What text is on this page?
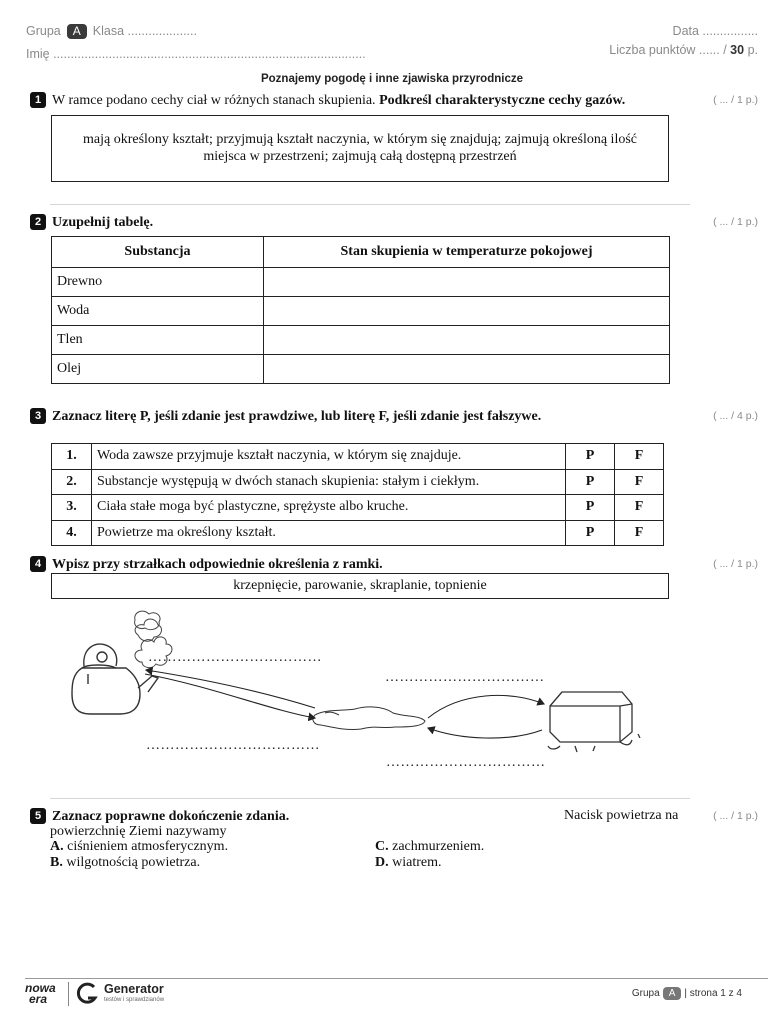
Grupa A Klasa ....................
Imię ..........................................................................................
Data ................
Liczba punktów ...... / 30 p.
Poznajemy pogodę i inne zjawiska przyrodnicze
1 W ramce podano cechy ciał w różnych stanach skupienia. Podkreśl charakterystyczne cechy gazów.	( ... / 1 p.)
mają określony kształt; przyjmują kształt naczynia, w którym się znajdują; zajmują określoną ilość miejsca w przestrzeni; zajmują całą dostępną przestrzeń
2 Uzupełnij tabelę.	( ... / 1 p.)
Substancja	Stan skupienia w temperaturze pokojowej
Drewno	
Woda	
Tlen	
Olej	
3 Zaznacz literę P, jeśli zdanie jest prawdziwe, lub literę F, jeśli zdanie jest fałszywe.	( ... / 4 p.)
1.	Woda zawsze przyjmuje kształt naczynia, w którym się znajduje.	P	F
2.	Substancje występują w dwóch stanach skupienia: stałym i ciekłym.	P	F
3.	Ciała stałe moga być plastyczne, sprężyste albo kruche.	P	F
4.	Powietrze ma określony kształt.	P	F
4 Wpisz przy strzałkach odpowiednie określenia z ramki.	( ... / 1 p.)
krzepnięcie, parowanie, skraplanie, topnienie
………………………………
……………………………
………………………………
……………………………
5 Zaznacz poprawne dokończenie zdania.	( ... / 1 p.)
Nacisk powietrza na
powierzchnię Ziemi nazywamy
A. ciśnieniem atmosferycznym.
B. wilgotnością powietrza.
C. zachmurzeniem.
D. wiatrem.
nowa
era
Generator
testów i sprawdzianów
Grupa A | strona 1 z 4
